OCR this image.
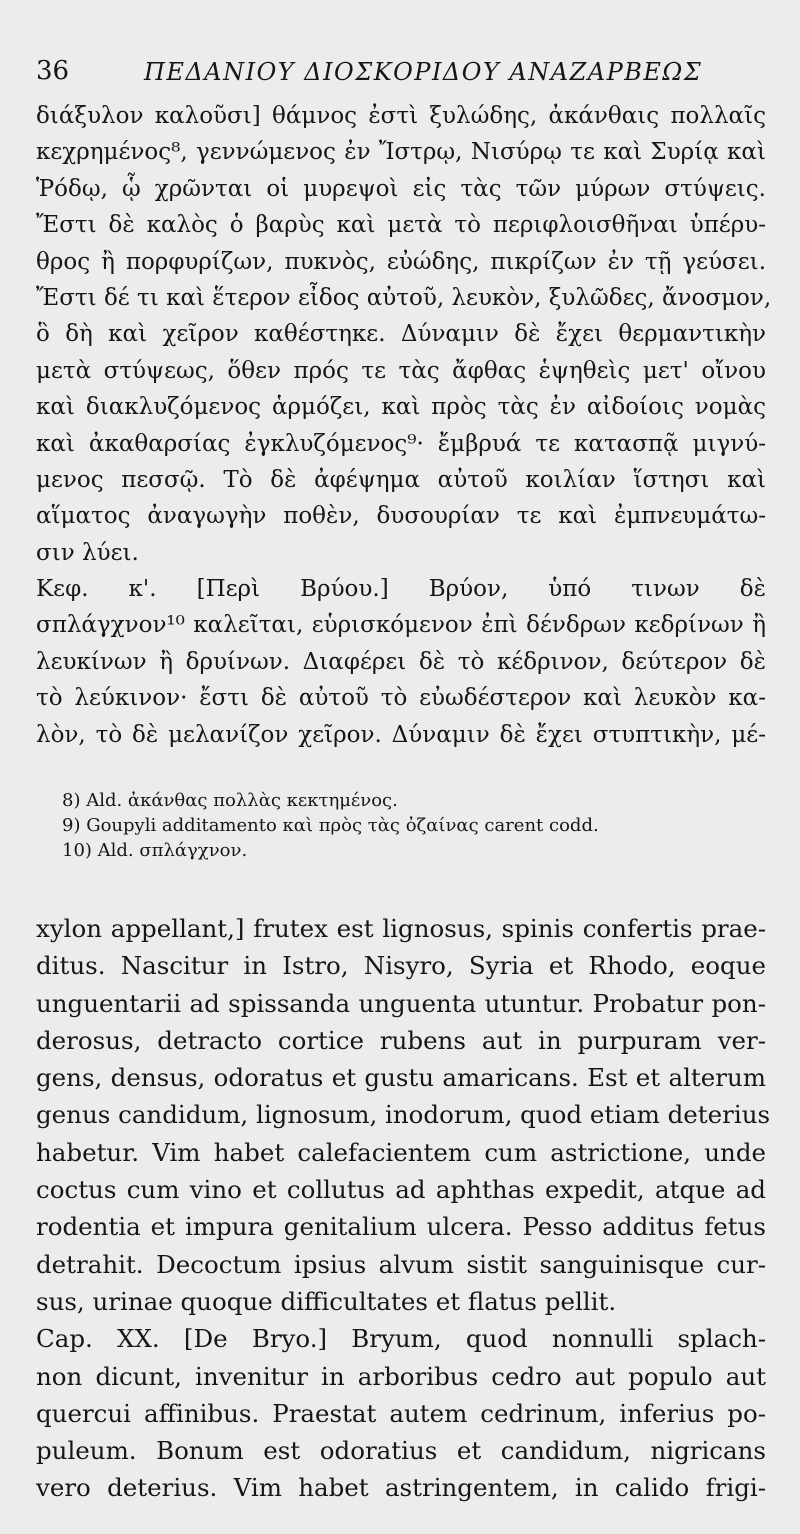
36	ΠΕΔΑΝΙΟΥ ΔΙΟΣΚΟΡΙΔΟΥ ΑΝΑΖΑΡΒΕΩΣ
διάξυλον καλοῦσι] θάμνος ἐστὶ ξυλώδης, ἀκάνθαις πολλαῖς
κεχρημένος⁸, γεννώμενος ἐν Ἴστρῳ, Νισύρῳ τε καὶ Συρίᾳ καὶ
Ῥόδῳ, ᾧ χρῶνται οἱ μυρεψοὶ εἰς τὰς τῶν μύρων στύψεις.
Ἔστι δὲ καλὸς ὁ βαρὺς καὶ μετὰ τὸ περιφλοισθῆναι ὑπέρυ-
θρος ἢ πορφυρίζων, πυκνὸς, εὐώδης, πικρίζων ἐν τῇ γεύσει.
Ἔστι δέ τι καὶ ἕτερον εἶδος αὐτοῦ, λευκὸν, ξυλῶδες, ἄνοσμον,
ὃ δὴ καὶ χεῖρον καθέστηκε. Δύναμιν δὲ ἔχει θερμαντικὴν
μετὰ στύψεως, ὅθεν πρός τε τὰς ἄφθας ἑψηθεὶς μετ' οἴνου
καὶ διακλυζόμενος ἁρμόζει, καὶ πρὸς τὰς ἐν αἰδοίοις νομὰς
καὶ ἀκαθαρσίας ἐγκλυζόμενος⁹· ἔμβρυά τε κατασπᾷ μιγνύ-
μενος πεσσῷ. Τὸ δὲ ἀφέψημα αὐτοῦ κοιλίαν ἵστησι καὶ
αἵματος ἀναγωγὴν ποθὲν, δυσουρίαν τε καὶ ἐμπνευμάτω-
σιν λύει.
Κεφ. κ'. [Περὶ Βρύου.] Βρύον, ὑπό τινων δὲ
σπλάγχνον¹⁰ καλεῖται, εὑρισκόμενον ἐπὶ δένδρων κεδρίνων ἢ
λευκίνων ἢ δρυίνων. Διαφέρει δὲ τὸ κέδρινον, δεύτερον δὲ
τὸ λεύκινον· ἔστι δὲ αὐτοῦ τὸ εὐωδέστερον καὶ λευκὸν κα-
λὸν, τὸ δὲ μελανίζον χεῖρον. Δύναμιν δὲ ἔχει στυπτικὴν, μέ-
8) Ald. ἀκάνθας πολλὰς κεκτημένος.
9) Goupyli additamento καὶ πρὸς τὰς ὀζαίνας carent codd.
10) Ald. σπλάγχνον.
xylon appellant,] frutex est lignosus, spinis confertis prae-
ditus. Nascitur in Istro, Nisyro, Syria et Rhodo, eoque
unguentarii ad spissanda unguenta utuntur. Probatur pon-
derosus, detracto cortice rubens aut in purpuram ver-
gens, densus, odoratus et gustu amaricans. Est et alterum
genus candidum, lignosum, inodorum, quod etiam deterius
habetur. Vim habet calefacientem cum astrictione, unde
coctus cum vino et collutus ad aphthas expedit, atque ad
rodentia et impura genitalium ulcera. Pesso additus fetus
detrahit. Decoctum ipsius alvum sistit sanguinisque cur-
sus, urinae quoque difficultates et flatus pellit.
Cap. XX. [De Bryo.] Bryum, quod nonnulli splach-
non dicunt, invenitur in arboribus cedro aut populo aut
quercui affinibus. Praestat autem cedrinum, inferius po-
puleum. Bonum est odoratius et candidum, nigricans
vero deterius. Vim habet astringentem, in calido frigi-
